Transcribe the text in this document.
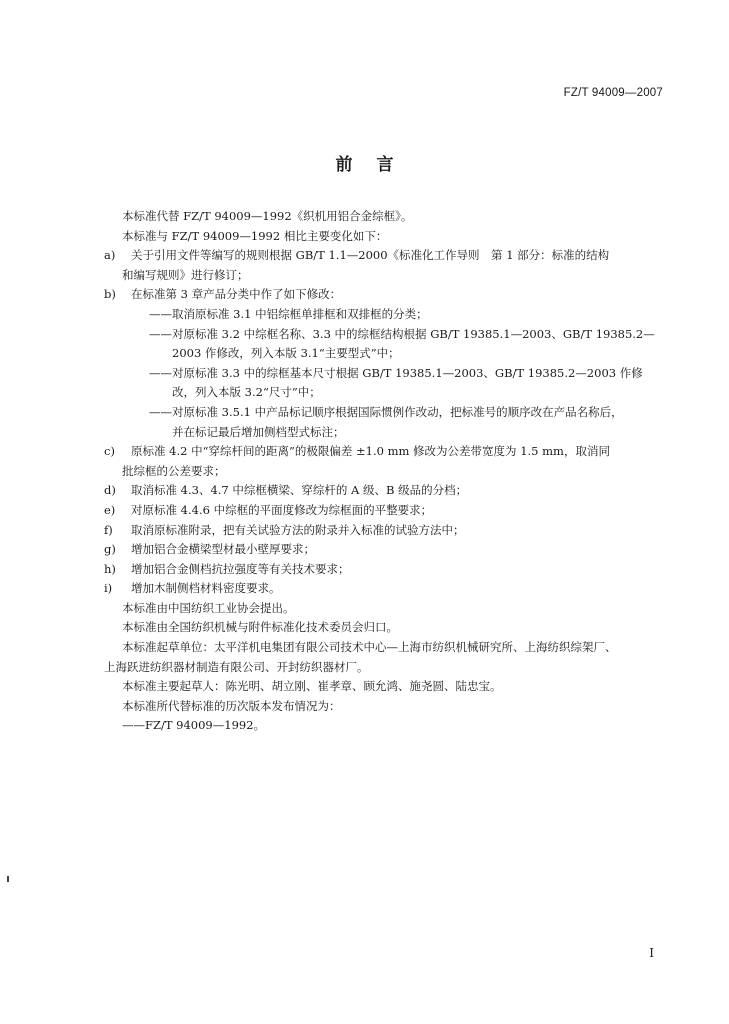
FZ/T 94009—2007
前言
本标准代替 FZ/T 94009—1992《织机用铝合金综框》。
本标准与 FZ/T 94009—1992 相比主要变化如下：
a) 关于引用文件等编写的规则根据 GB/T 1.1—2000《标准化工作导则　第 1 部分：标准的结构
和编写规则》进行修订；
b) 在标准第 3 章产品分类中作了如下修改：
——取消原标准 3.1 中铝综框单排框和双排框的分类；
——对原标准 3.2 中综框名称、3.3 中的综框结构根据 GB/T 19385.1—2003、GB/T 19385.2—
2003 作修改，列入本版 3.1“主要型式”中；
——对原标准 3.3 中的综框基本尺寸根据 GB/T 19385.1—2003、GB/T 19385.2—2003 作修
改，列入本版 3.2“尺寸”中；
——对原标准 3.5.1 中产品标记顺序根据国际惯例作改动，把标准号的顺序改在产品名称后，
并在标记最后增加侧档型式标注；
c) 原标准 4.2 中“穿综杆间的距离”的极限偏差 ±1.0 mm 修改为公差带宽度为 1.5 mm，取消同
批综框的公差要求；
d) 取消标准 4.3、4.7 中综框横梁、穿综杆的 A 级、B 级品的分档；
e) 对原标准 4.4.6 中综框的平面度修改为综框面的平整要求；
f) 取消原标准附录，把有关试验方法的附录并入标准的试验方法中；
g) 增加铝合金横梁型材最小壁厚要求；
h) 增加铝合金侧档抗拉强度等有关技术要求；
i) 增加木制侧档材料密度要求。
本标准由中国纺织工业协会提出。
本标准由全国纺织机械与附件标准化技术委员会归口。
本标准起草单位：太平洋机电集团有限公司技术中心—上海市纺织机械研究所、上海纺织综架厂、
上海跃进纺织器材制造有限公司、开封纺织器材厂。
本标准主要起草人：陈光明、胡立刚、崔孝章、顾允鸿、施尧圆、陆忠宝。
本标准所代替标准的历次版本发布情况为：
——FZ/T 94009—1992。
I
